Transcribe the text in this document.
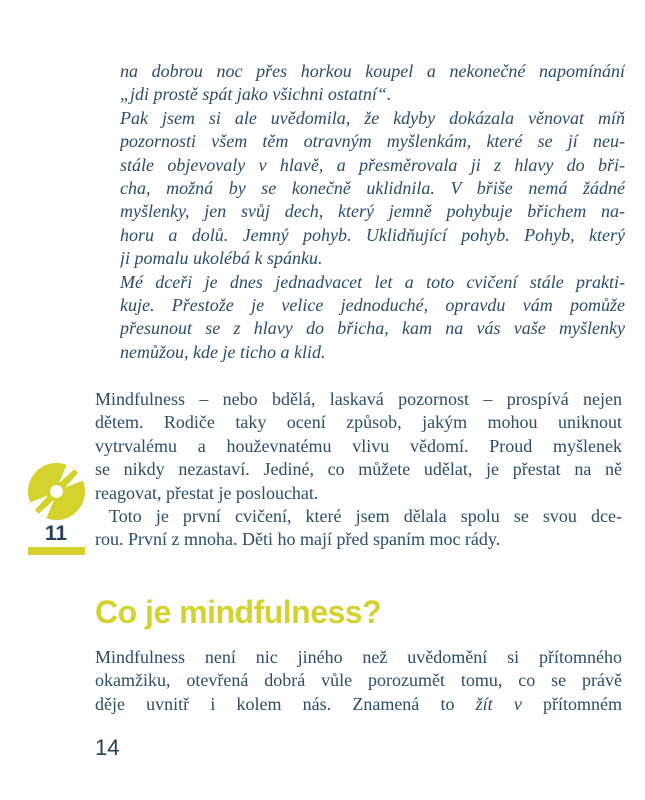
11
na dobrou noc přes horkou koupel a nekonečné napomínání
„jdi prostě spát jako všichni ostatní“.
Pak jsem si ale uvědomila, že kdyby dokázala věnovat míň
pozornosti všem těm otravným myšlenkám, které se jí neu-
stále objevovaly v hlavě, a přesměrovala ji z hlavy do bři-
cha, možná by se konečně uklidnila. V břiše nemá žádné
myšlenky, jen svůj dech, který jemně pohybuje břichem na-
horu a dolů. Jemný pohyb. Uklidňující pohyb. Pohyb, který
ji pomalu ukolébá k spánku.
Mé dceři je dnes jednadvacet let a toto cvičení stále prakti-
kuje. Přestože je velice jednoduché, opravdu vám pomůže
přesunout se z hlavy do břicha, kam na vás vaše myšlenky
nemůžou, kde je ticho a klid.
Mindfulness – nebo bdělá, laskavá pozornost – prospívá nejen
dětem. Rodiče taky ocení způsob, jakým mohou uniknout
vytrvalému a houževnatému vlivu vědomí. Proud myšlenek
se nikdy nezastaví. Jediné, co můžete udělat, je přestat na ně
reagovat, přestat je poslouchat.
Toto je první cvičení, které jsem dělala spolu se svou dce-
rou. První z mnoha. Děti ho mají před spaním moc rády.
Co je mindfulness?
Mindfulness není nic jiného než uvědomění si přítomného
okamžiku, otevřená dobrá vůle porozumět tomu, co se právě
děje uvnitř i kolem nás. Znamená to žít v přítomném
14
